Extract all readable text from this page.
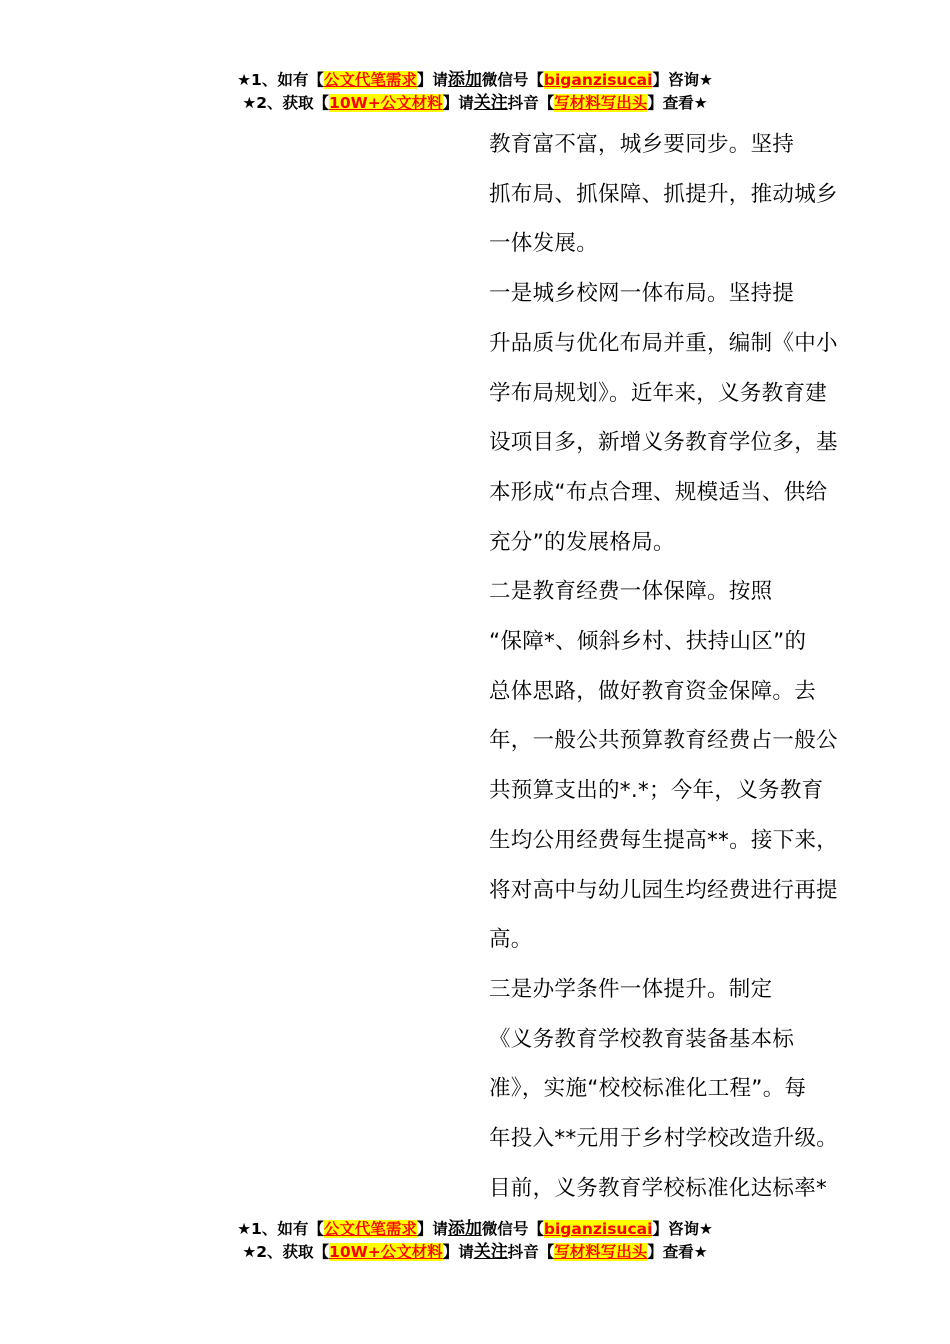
★1、如有【公文代笔需求】请添加微信号【biganzisucai】咨询★
★2、获取【10W+公文材料】请关注抖音【写材料写出头】查看★

教育富不富，城乡要同步。坚持
抓布局、抓保障、抓提升，推动城乡
一体发展。

一是城乡校网一体布局。坚持提
升品质与优化布局并重，编制《中小
学布局规划》。近年来，义务教育建
设项目多，新增义务教育学位多，基
本形成“布点合理、规模适当、供给
充分”的发展格局。

二是教育经费一体保障。按照
“保障*、倾斜乡村、扶持山区”的
总体思路，做好教育资金保障。去
年，一般公共预算教育经费占一般公
共预算支出的*.*；今年，义务教育
生均公用经费每生提高**。接下来，
将对高中与幼儿园生均经费进行再提
高。

三是办学条件一体提升。制定
《义务教育学校教育装备基本标
准》，实施“校校标准化工程”。每
年投入**元用于乡村学校改造升级。
目前，义务教育学校标准化达标率*

★1、如有【公文代笔需求】请添加微信号【biganzisucai】咨询★
★2、获取【10W+公文材料】请关注抖音【写材料写出头】查看★
